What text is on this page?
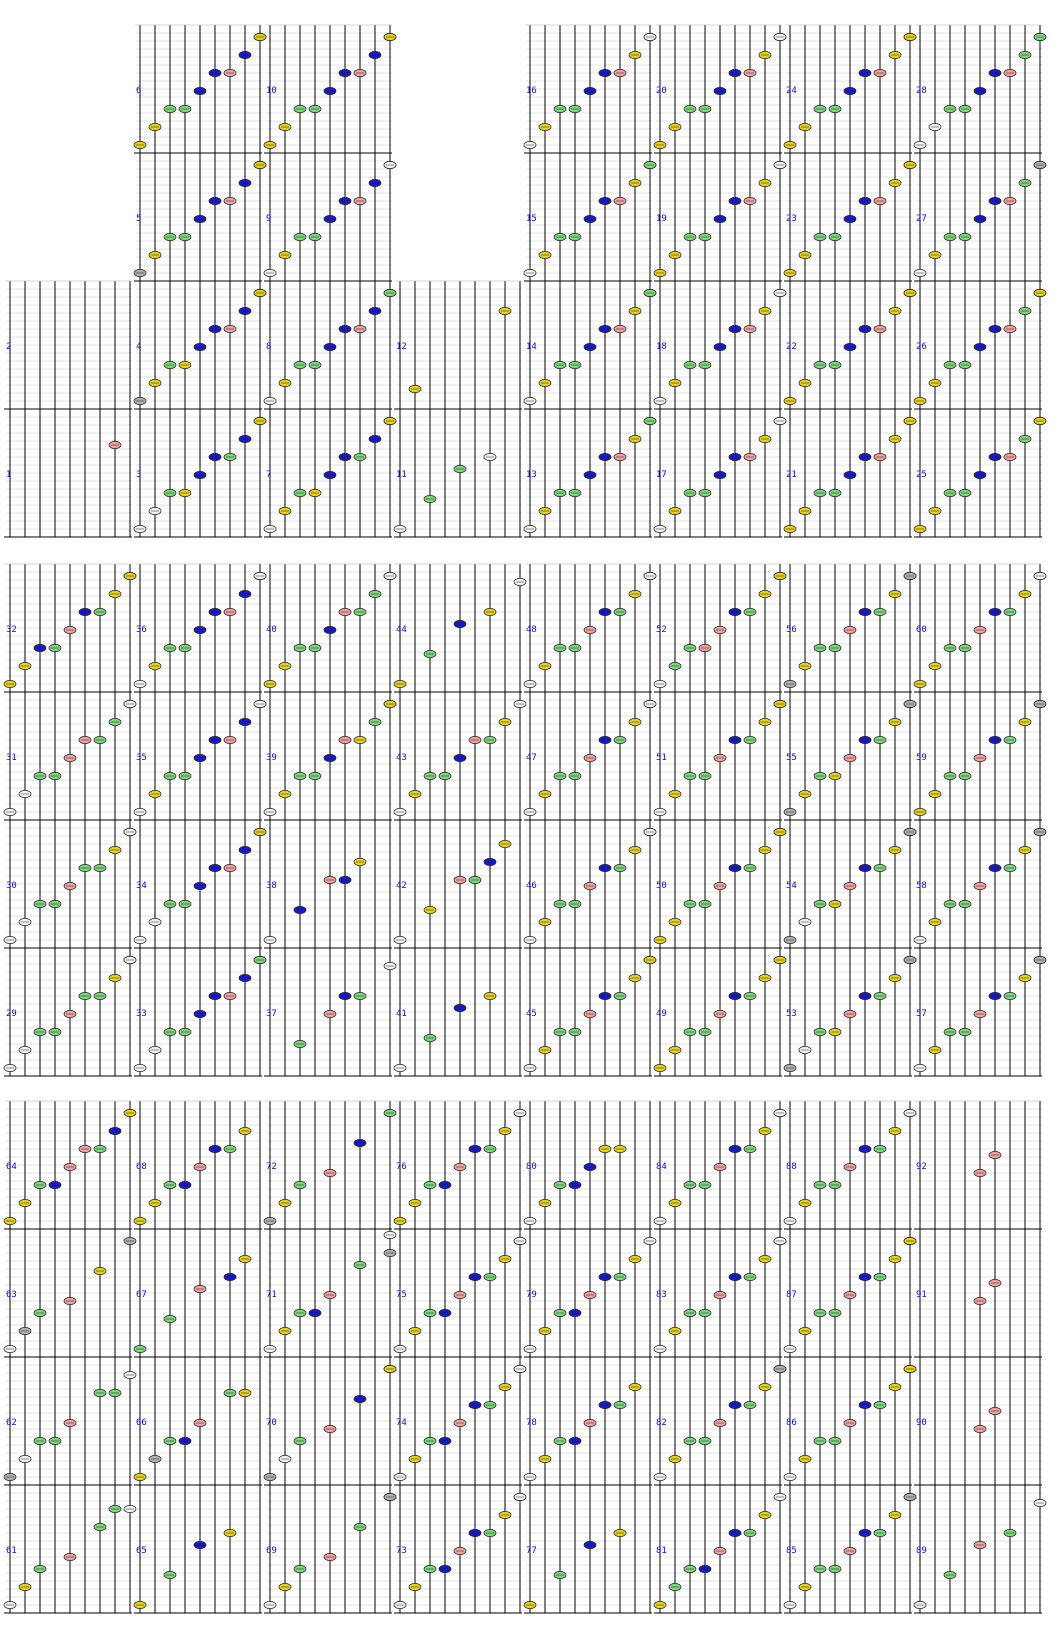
1
2
3
4
5
6
7
8
9
10
11
12
13
14
15
16
17
18
19
20
21
22
23
24
25
26
27
28
29
30
31
32
33
34
35
36
37
38
39
40
41
42
43
44
45
46
47
48
49
50
51
52
53
54
55
56
57
58
59
60
61
62
63
64
65
66
67
68
69
70
71
72
73
74
75
76
77
78
79
80
81
82
83
84
85
86
87
88
89
90
91
92
